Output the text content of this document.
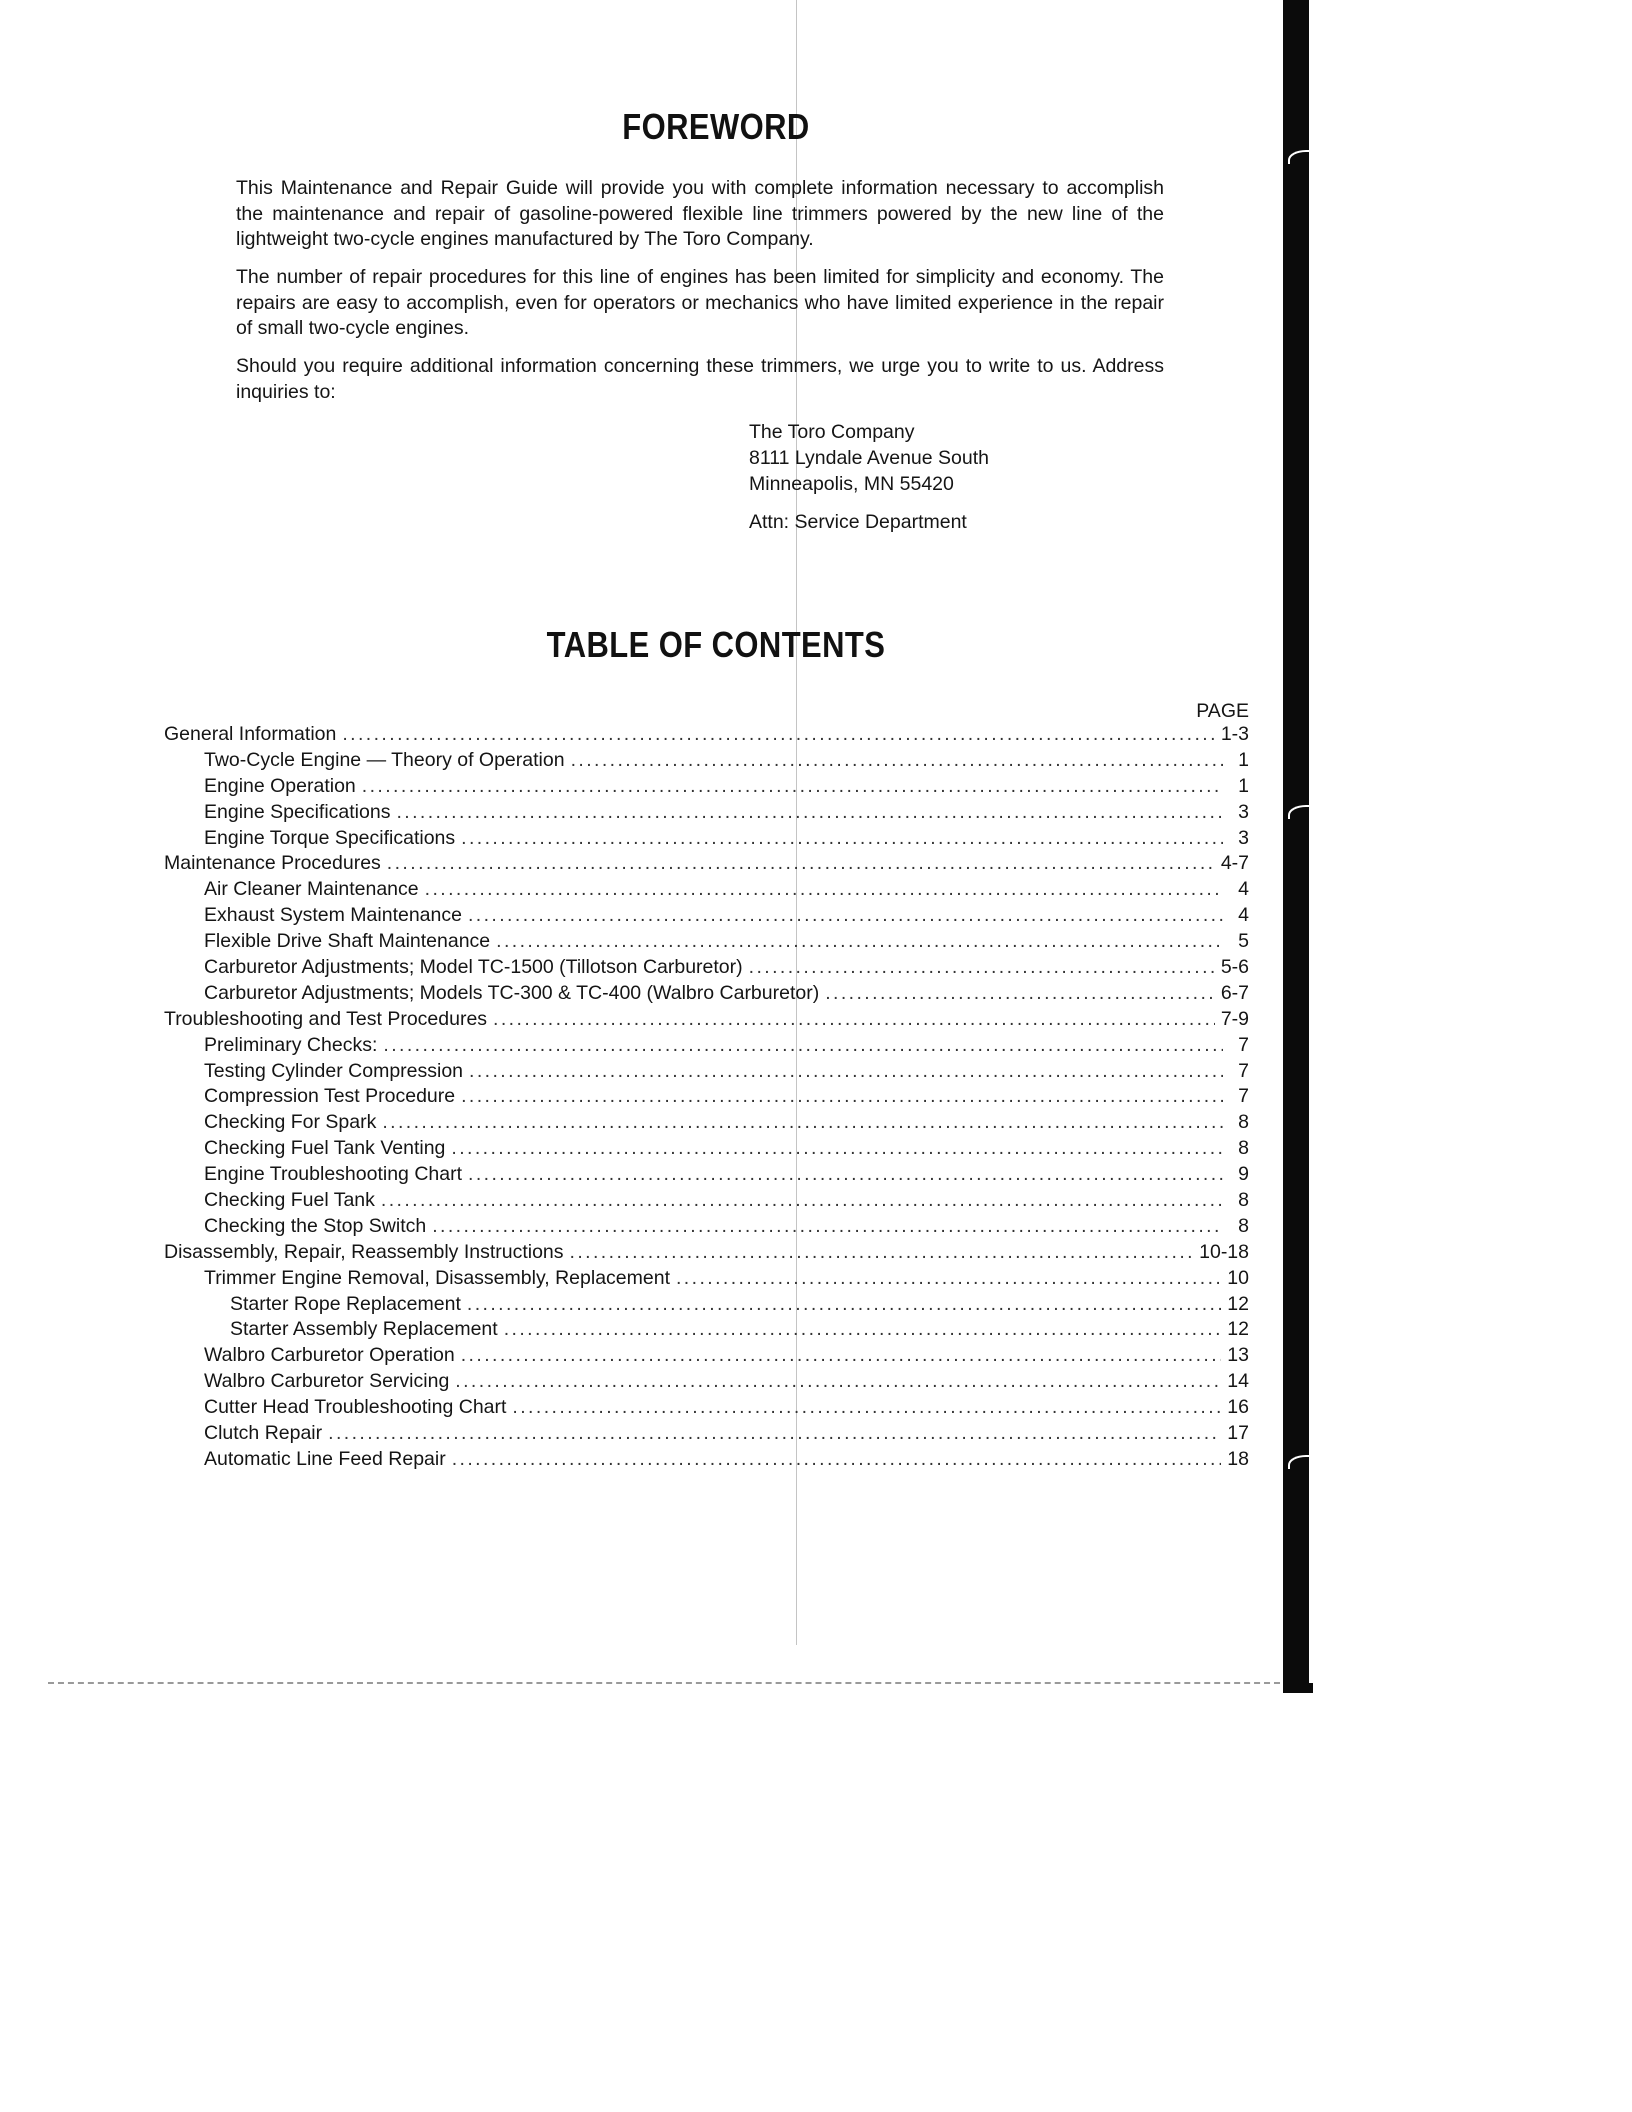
FOREWORD

This Maintenance and Repair Guide will provide you with complete information necessary to accomplish the maintenance and repair of gasoline-powered flexible line trimmers powered by the new line of the lightweight two-cycle engines manufactured by The Toro Company.

The number of repair procedures for this line of engines has been limited for simplicity and economy. The repairs are easy to accomplish, even for operators or mechanics who have limited experience in the repair of small two-cycle engines.

Should you require additional information concerning these trimmers, we urge you to write to us. Address inquiries to:

The Toro Company
8111 Lyndale Avenue South
Minneapolis, MN 55420
Attn: Service Department
TABLE OF CONTENTS
PAGE
General Information .....	1-3
Two-Cycle Engine — Theory of Operation .....	1
Engine Operation .....	1
Engine Specifications .....	3
Engine Torque Specifications .....	3
Maintenance Procedures .....	4-7
Air Cleaner Maintenance .....	4
Exhaust System Maintenance .....	4
Flexible Drive Shaft Maintenance .....	5
Carburetor Adjustments; Model TC-1500 (Tillotson Carburetor) .....	5-6
Carburetor Adjustments; Models TC-300 & TC-400 (Walbro Carburetor) .....	6-7
Troubleshooting and Test Procedures .....	7-9
Preliminary Checks: .....	7
Testing Cylinder Compression .....	7
Compression Test Procedure .....	7
Checking For Spark .....	8
Checking Fuel Tank Venting .....	8
Engine Troubleshooting Chart .....	9
Checking Fuel Tank .....	8
Checking the Stop Switch .....	8
Disassembly, Repair, Reassembly Instructions .....	10-18
Trimmer Engine Removal, Disassembly, Replacement .....	10
Starter Rope Replacement .....	12
Starter Assembly Replacement .....	12
Walbro Carburetor Operation .....	13
Walbro Carburetor Servicing .....	14
Cutter Head Troubleshooting Chart .....	16
Clutch Repair .....	17
Automatic Line Feed Repair .....	18
